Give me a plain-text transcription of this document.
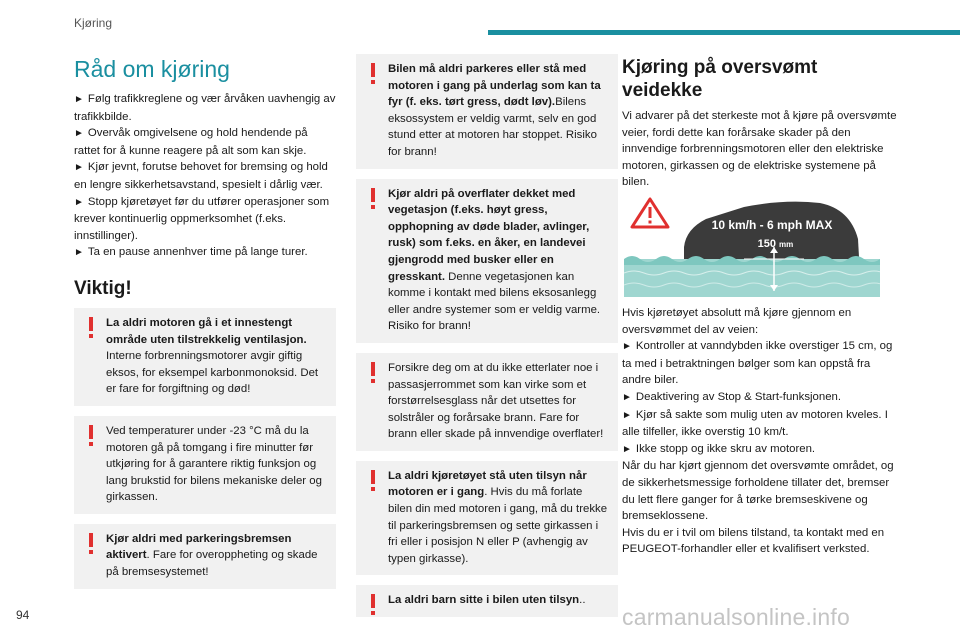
Kjøring
Råd om kjøring

► Følg trafikkreglene og vær årvåken uavhengig av trafikkbilde.

► Overvåk omgivelsene og hold hendende på rattet for å kunne reagere på alt som kan skje.

► Kjør jevnt, forutse behovet for bremsing og hold en lengre sikkerhetsavstand, spesielt i dårlig vær.

► Stopp kjøretøyet før du utfører operasjoner som krever kontinuerlig oppmerksomhet (f.eks. innstillinger).

► Ta en pause annenhver time på lange turer.

Viktig!
La aldri motoren gå i et innestengt område uten tilstrekkelig ventilasjon. Interne forbrenningsmotorer avgir giftig eksos, for eksempel karbonmonoksid. Det er fare for forgiftning og død!
Ved temperaturer under -23 °C må du la motoren gå på tomgang i fire minutter før utkjøring for å garantere riktig funksjon og lang brukstid for bilens mekaniske deler og girkassen.
Kjør aldri med parkeringsbremsen aktivert. Fare for overoppheting og skade på bremsesystemet!
Bilen må aldri parkeres eller stå med motoren i gang på underlag som kan ta fyr (f. eks. tørt gress, dødt løv).Bilens eksossystem er veldig varmt, selv en god stund etter at motoren har stoppet. Risiko for brann!
Kjør aldri på overflater dekket med vegetasjon (f.eks. høyt gress, opphopning av døde blader, avlinger, rusk) som f.eks. en åker, en landevei gjengrodd med busker eller en gresskant. Denne vegetasjonen kan komme i kontakt med bilens eksosanlegg eller andre systemer som er veldig varme. Risiko for brann!
Forsikre deg om at du ikke etterlater noe i passasjerrommet som kan virke som et forstørrelsesglass når det utsettes for solstråler og forårsake brann. Fare for brann eller skade på innvendige overflater!
La aldri kjøretøyet stå uten tilsyn når motoren er i gang. Hvis du må forlate bilen din med motoren i gang, må du trekke til parkeringsbremsen og sette girkassen i fri eller i posisjon N eller P (avhengig av typen girkasse).
La aldri barn sitte i bilen uten tilsyn..
Kjøring på oversvømt veidekke

Vi advarer på det sterkeste mot å kjøre på oversvømte veier, fordi dette kan forårsake skader på den innvendige forbrenningsmotoren eller den elektriske motoren, girkassen og de elektriske systemene på bilen.

10 km/h - 6 mph MAX
150 mm

Hvis kjøretøyet absolutt må kjøre gjennom en oversvømmet del av veien:

► Kontroller at vanndybden ikke overstiger 15 cm, og ta med i betraktningen bølger som kan oppstå fra andre biler.

► Deaktivering av Stop & Start-funksjonen.

► Kjør så sakte som mulig uten av motoren kveles. I alle tilfeller, ikke overstig 10 km/t.

► Ikke stopp og ikke skru av motoren.

Når du har kjørt gjennom det oversvømte området, og de sikkerhetsmessige forholdene tillater det, bremser du lett flere ganger for å tørke bremseskivene og bremseklossene.

Hvis du er i tvil om bilens tilstand, ta kontakt med en PEUGEOT-forhandler eller et kvalifisert verksted.

94	carmanualsonline.info
